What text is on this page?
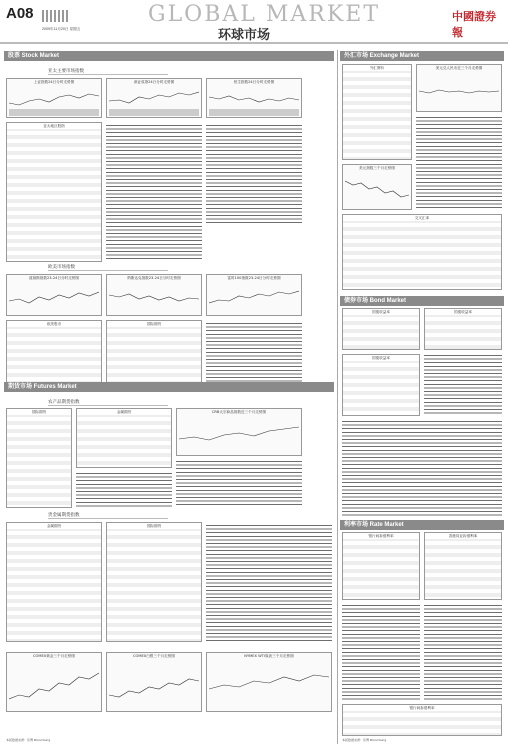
A08
2009年11月20日 星期五
GLOBAL MARKET
环球市场
中國證券報
股票 Stock Market
亚太主要市场指数
上证指数24日分时走势图	深证成指24日分时走势图	恒生指数24日分时走势图
亚太地区股指
欧美市场指数
道琼斯指数23-24日分时走势图	纳斯达克指数23-24日分时走势图	富时100指数23-24日分时走势图
欧美股市	国际期货
期货市场 Futures Market
农产品期货指数
国际期货	金属期货	CRB大宗商品指数近三个月走势图
贵金属期货指数
金属期货	国际期货
COMEX黄金三个月走势图	COMEX白银三个月走势图	NYMEX WTI原油三个月走势图
本版数据来源：彭博 Bloomberg
外汇市场 Exchange Market
外汇牌价	美元兑人民币近三个月走势图
美元指数三个月走势图
交叉汇率
债券市场 Bond Market
国债收益率	国债收益率
国债收益率
利率市场 Rate Market
银行间拆借利率	香港同业拆借利率
银行间拆借利率
本版数据来源：彭博 Bloomberg
